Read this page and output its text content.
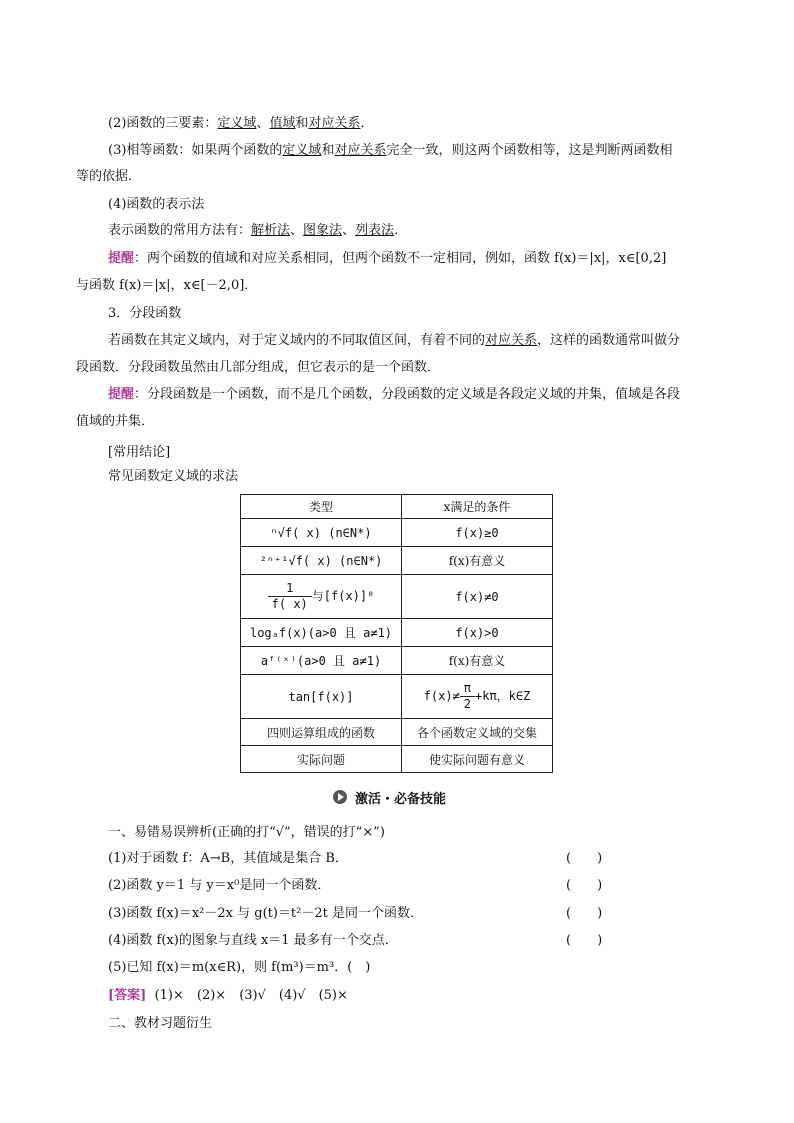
(2)函数的三要素：定义域、值域和对应关系．
(3)相等函数：如果两个函数的定义域和对应关系完全一致，则这两个函数相等，这是判断两函数相
等的依据．
(4)函数的表示法
表示函数的常用方法有：解析法、图象法、列表法．
提醒：两个函数的值域和对应关系相同，但两个函数不一定相同，例如，函数 f(x)＝|x|，x∈[0,2]
与函数 f(x)＝|x|，x∈[－2,0]．
3．分段函数
若函数在其定义域内，对于定义域内的不同取值区间，有着不同的对应关系，这样的函数通常叫做分
段函数．分段函数虽然由几部分组成，但它表示的是一个函数．
提醒：分段函数是一个函数，而不是几个函数，分段函数的定义域是各段定义域的并集，值域是各段
值域的并集．
[常用结论]
常见函数定义域的求法
类型	x满足的条件
ⁿ√f( x) (n∈N*)	f(x)≥0
²ⁿ⁺¹√f( x) (n∈N*)	f(x)有意义

$\frac{1}{f( x)}$ 与[f(x)]⁰	f(x)≠0
logₐf(x)(a>0 且 a≠1)	f(x)>0
aᶠ⁽ˣ⁾(a>0 且 a≠1)	f(x)有意义
tan[f(x)]	$f(x)\ne \frac{\pi}{2} +k\pi$，k∈Z
四则运算组成的函数	各个函数定义域的交集
实际问题	使实际问题有意义
激活・必备技能
一、易错易误辨析(正确的打“√”，错误的打“×”)
(1)对于函数 f：A→B，其值域是集合 B．	(　　)
(2)函数 y＝1 与 y＝x⁰是同一个函数．	(　　)
(3)函数 f(x)＝x²－2x 与 g(t)＝t²－2t 是同一个函数．	(　　)
(4)函数 f(x)的图象与直线 x＝1 最多有一个交点．	(　　)
(5)已知 f(x)＝m(x∈R)，则 f(m³)＝m³．(　)
[答案] (1)×　(2)×　(3)√　(4)√　(5)×
二、教材习题衍生
